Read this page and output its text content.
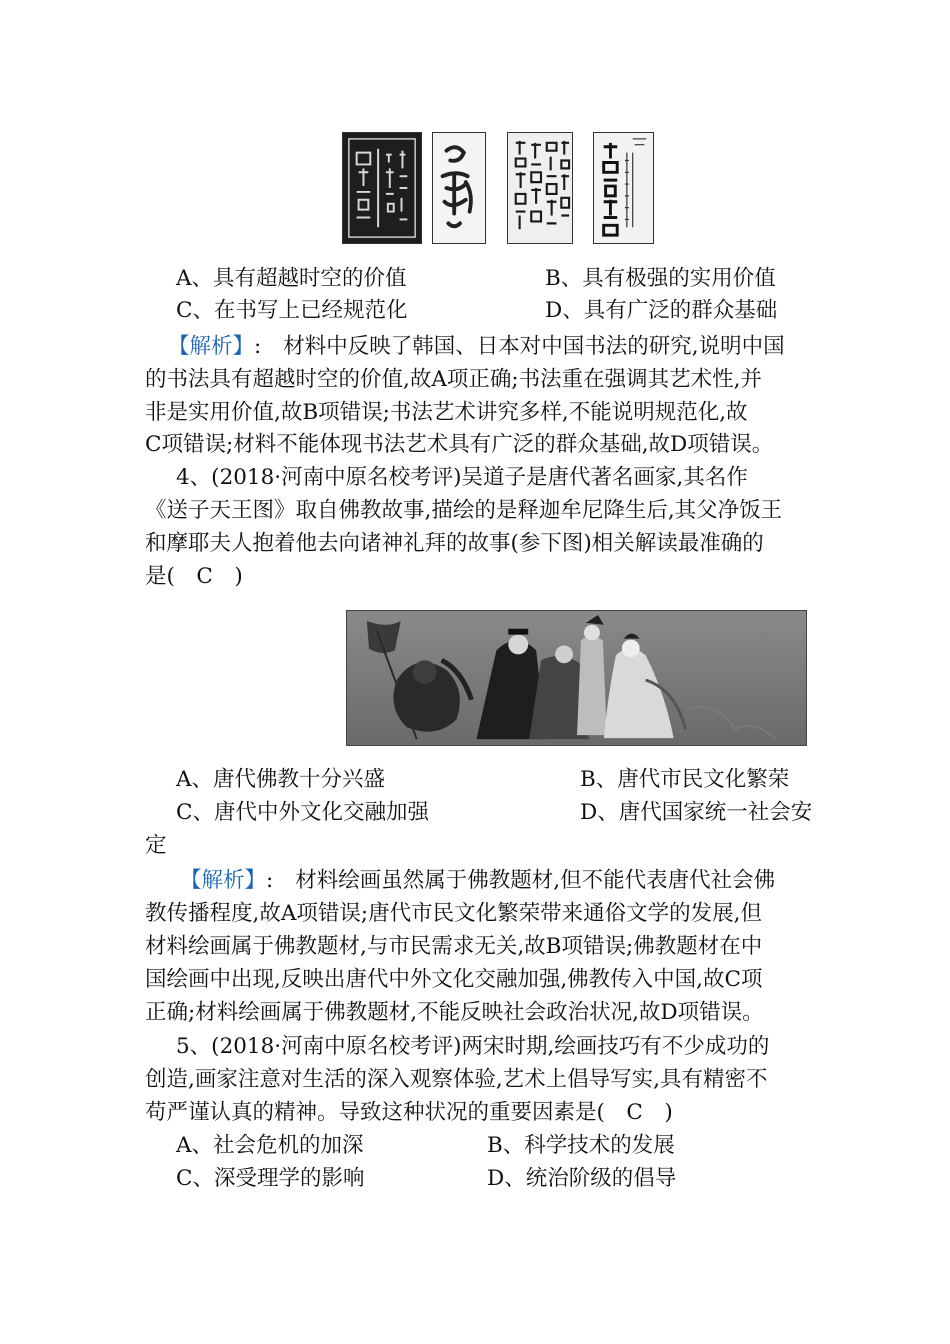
A、具有超越时空的价值	B、具有极强的实用价值
C、在书写上已经规范化	D、具有广泛的群众基础
【解析】: 材料中反映了韩国、日本对中国书法的研究,说明中国
的书法具有超越时空的价值,故A项正确;书法重在强调其艺术性,并
非是实用价值,故B项错误;书法艺术讲究多样,不能说明规范化,故
C项错误;材料不能体现书法艺术具有广泛的群众基础,故D项错误。
4、(2018·河南中原名校考评)吴道子是唐代著名画家,其名作
《送子天王图》取自佛教故事,描绘的是释迦牟尼降生后,其父净饭王
和摩耶夫人抱着他去向诸神礼拜的故事(参下图)相关解读最准确的
是(　C　)
A、唐代佛教十分兴盛	B、唐代市民文化繁荣
C、唐代中外文化交融加强	D、唐代国家统一社会安
定
【解析】: 材料绘画虽然属于佛教题材,但不能代表唐代社会佛
教传播程度,故A项错误;唐代市民文化繁荣带来通俗文学的发展,但
材料绘画属于佛教题材,与市民需求无关,故B项错误;佛教题材在中
国绘画中出现,反映出唐代中外文化交融加强,佛教传入中国,故C项
正确;材料绘画属于佛教题材,不能反映社会政治状况,故D项错误。
5、(2018·河南中原名校考评)两宋时期,绘画技巧有不少成功的
创造,画家注意对生活的深入观察体验,艺术上倡导写实,具有精密不
苟严谨认真的精神。导致这种状况的重要因素是(　C　)
A、社会危机的加深	B、科学技术的发展
C、深受理学的影响	D、统治阶级的倡导
